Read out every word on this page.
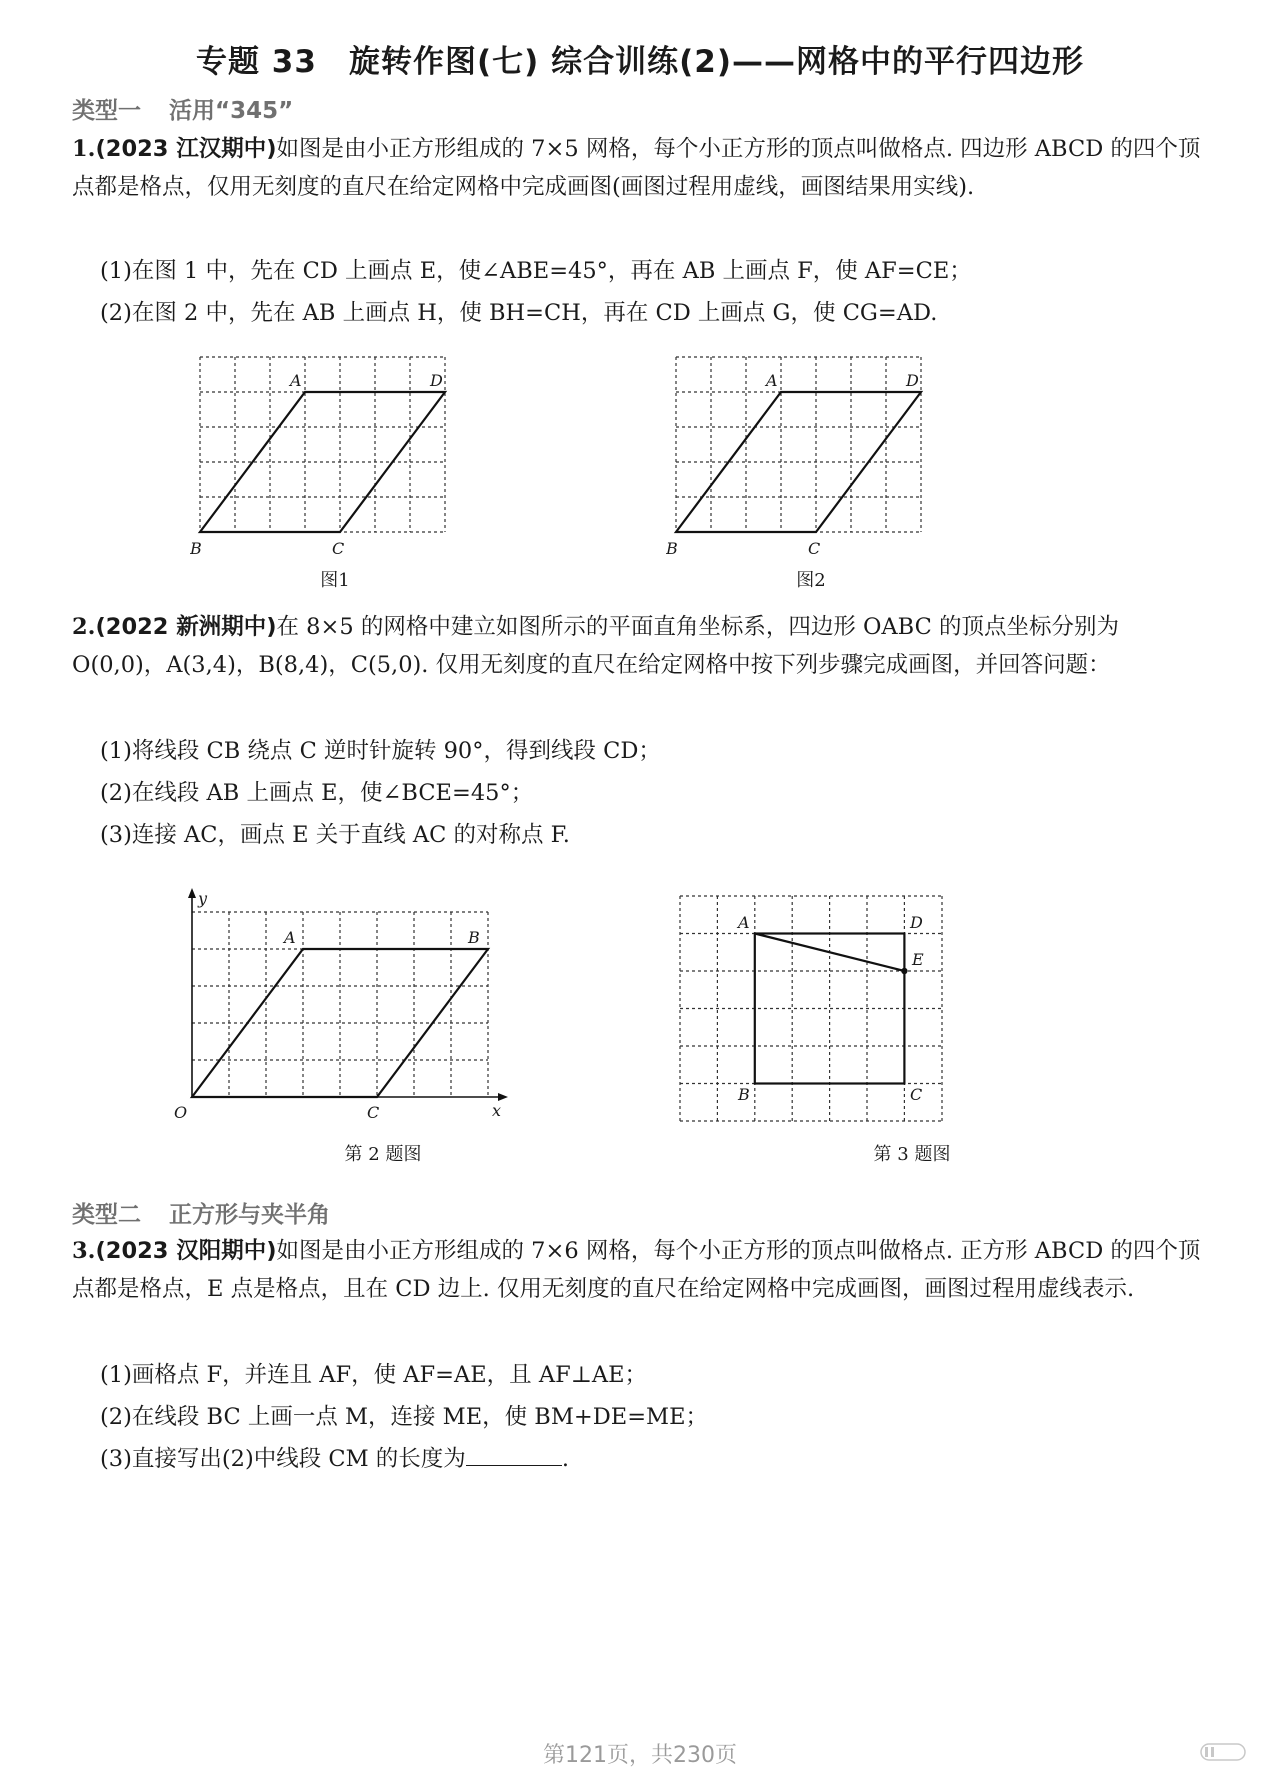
专题 33　旋转作图(七) 综合训练(2)——网格中的平行四边形
类型一 活用“345”
1.(2023 江汉期中)如图是由小正方形组成的 7×5 网格，每个小正方形的顶点叫做格点. 四边形 ABCD 的四个顶点都是格点，仅用无刻度的直尺在给定网格中完成画图(画图过程用虚线，画图结果用实线).
(1)在图 1 中，先在 CD 上画点 E，使∠ABE=45°，再在 AB 上画点 F，使 AF=CE；
(2)在图 2 中，先在 AB 上画点 H，使 BH=CH，再在 CD 上画点 G，使 CG=AD.
A	D
B	C
图1
A	D
B	C
图2
2.(2022 新洲期中)在 8×5 的网格中建立如图所示的平面直角坐标系，四边形 OABC 的顶点坐标分别为 O(0,0)，A(3,4)，B(8,4)，C(5,0). 仅用无刻度的直尺在给定网格中按下列步骤完成画图，并回答问题：
(1)将线段 CB 绕点 C 逆时针旋转 90°，得到线段 CD；
(2)在线段 AB 上画点 E，使∠BCE=45°；
(3)连接 AC，画点 E 关于直线 AC 的对称点 F.
y
x
O
A	B
C
第 2 题图
A	D
E
B	C
第 3 题图
类型二 正方形与夹半角
3.(2023 汉阳期中)如图是由小正方形组成的 7×6 网格，每个小正方形的顶点叫做格点. 正方形 ABCD 的四个顶点都是格点，E 点是格点，且在 CD 边上. 仅用无刻度的直尺在给定网格中完成画图，画图过程用虚线表示.
(1)画格点 F，并连且 AF，使 AF=AE，且 AF⊥AE；
(2)在线段 BC 上画一点 M，连接 ME，使 BM+DE=ME；
(3)直接写出(2)中线段 CM 的长度为	.
第121页，共230页
